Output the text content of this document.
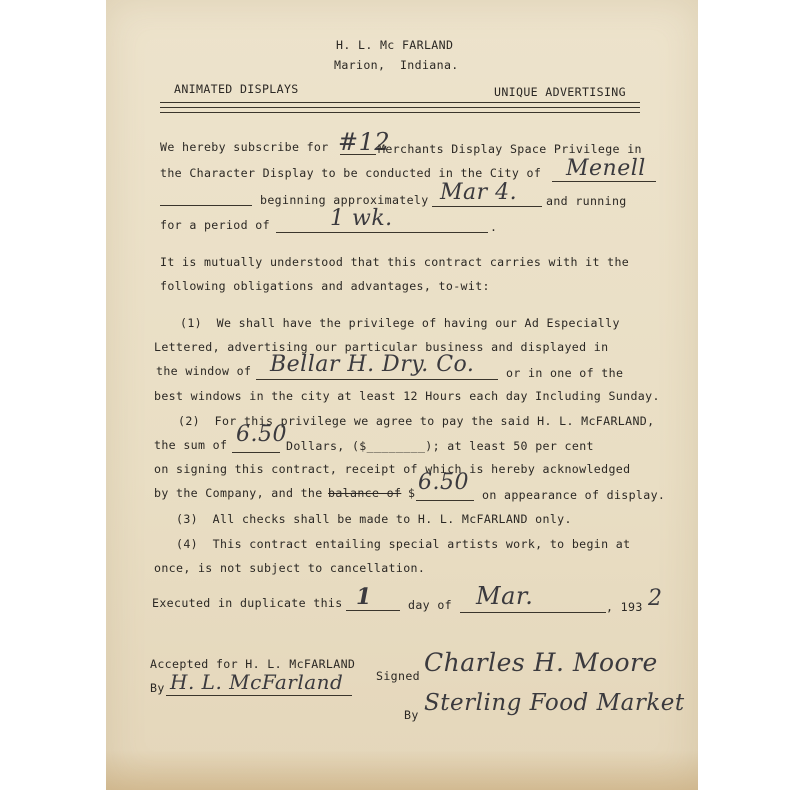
H. L. Mc FARLAND
Marion,  Indiana.
ANIMATED DISPLAYS	UNIQUE ADVERTISING
We hereby subscribe for #12
Merchants Display Space Privilege in
the Character Display to be conducted in the City of Menell
beginning approximately Mar 4. and running
for a period of	1 wk.	.
It is mutually understood that this contract carries with it the
following obligations and advantages, to-wit:
(1)  We shall have the privilege of having our Ad Especially
Lettered, advertising our particular business and displayed in
the window of Bellar H. Dry. Co.	or in one of the
best windows in the city at least 12 Hours each day Including Sunday.
(2)  For this privilege we agree to pay the said H. L. McFARLAND,
the sum of 6.50 Dollars, ($________); at least 50 per cent
on signing this contract, receipt of which is hereby acknowledged
by the Company, and the balance of $ 6.50 on appearance of display.
(3)  All checks shall be made to H. L. McFARLAND only.
(4)  This contract entailing special artists work, to begin at
once, is not subject to cancellation.
Executed in duplicate this 1	day of Mar.	, 193 2
Accepted for H. L. McFARLAND
By H. L. McFarland	Signed Charles H. Moore
By Sterling Food Market
